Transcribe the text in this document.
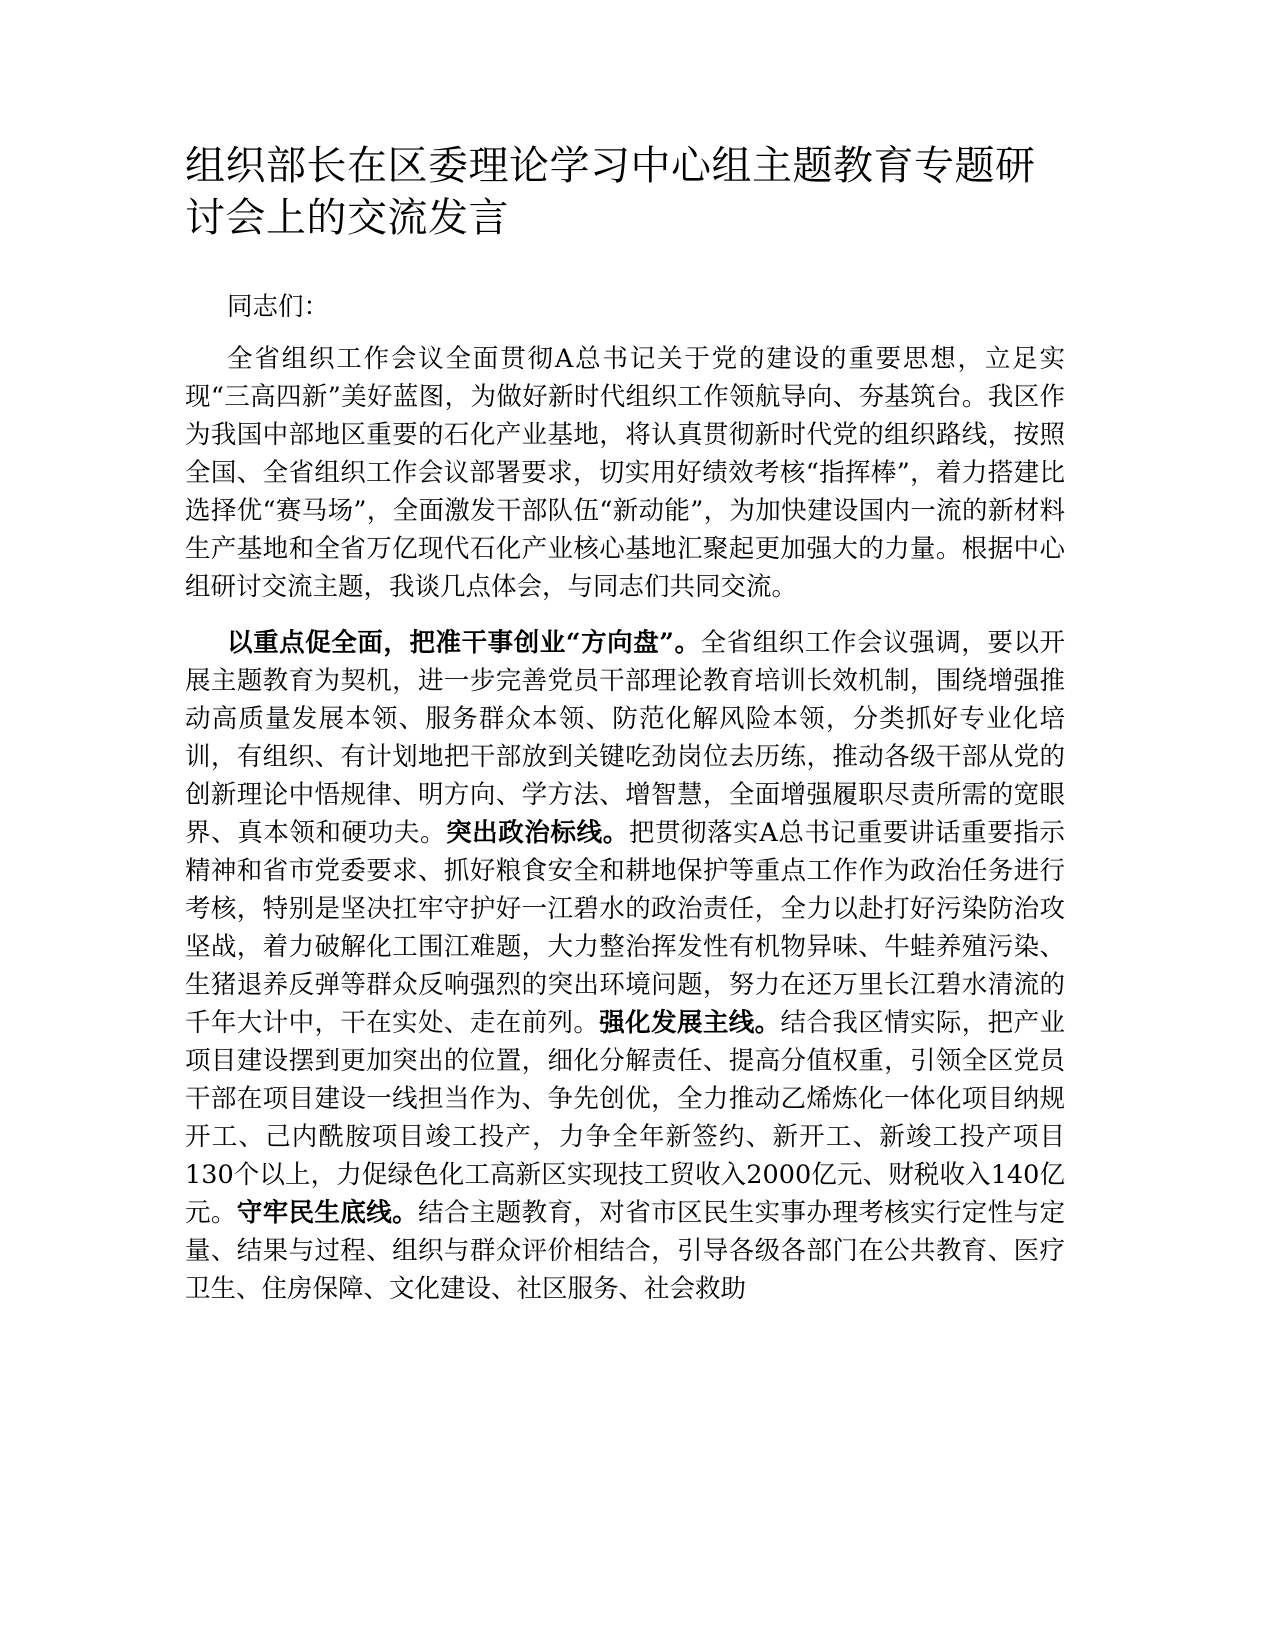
组织部长在区委理论学习中心组主题教育专题研讨会上的交流发言

同志们：

全省组织工作会议全面贯彻A总书记关于党的建设的重要思想，立足实现“三高四新”美好蓝图，为做好新时代组织工作领航导向、夯基筑台。我区作为我国中部地区重要的石化产业基地，将认真贯彻新时代党的组织路线，按照全国、全省组织工作会议部署要求，切实用好绩效考核“指挥棒”，着力搭建比选择优“赛马场”，全面激发干部队伍“新动能”，为加快建设国内一流的新材料生产基地和全省万亿现代石化产业核心基地汇聚起更加强大的力量。根据中心组研讨交流主题，我谈几点体会，与同志们共同交流。

以重点促全面，把准干事创业“方向盘”。全省组织工作会议强调，要以开展主题教育为契机，进一步完善党员干部理论教育培训长效机制，围绕增强推动高质量发展本领、服务群众本领、防范化解风险本领，分类抓好专业化培训，有组织、有计划地把干部放到关键吃劲岗位去历练，推动各级干部从党的创新理论中悟规律、明方向、学方法、增智慧，全面增强履职尽责所需的宽眼界、真本领和硬功夫。突出政治标线。把贯彻落实A总书记重要讲话重要指示精神和省市党委要求、抓好粮食安全和耕地保护等重点工作作为政治任务进行考核，特别是坚决扛牢守护好一江碧水的政治责任，全力以赴打好污染防治攻坚战，着力破解化工围江难题，大力整治挥发性有机物异味、牛蛙养殖污染、生猪退养反弹等群众反响强烈的突出环境问题，努力在还万里长江碧水清流的千年大计中，干在实处、走在前列。强化发展主线。结合我区情实际，把产业项目建设摆到更加突出的位置，细化分解责任、提高分值权重，引领全区党员干部在项目建设一线担当作为、争先创优，全力推动乙烯炼化一体化项目纳规开工、己内酰胺项目竣工投产，力争全年新签约、新开工、新竣工投产项目130个以上，力促绿色化工高新区实现技工贸收入2000亿元、财税收入140亿元。守牢民生底线。结合主题教育，对省市区民生实事办理考核实行定性与定量、结果与过程、组织与群众评价相结合，引导各级各部门在公共教育、医疗卫生、住房保障、文化建设、社区服务、社会救助
